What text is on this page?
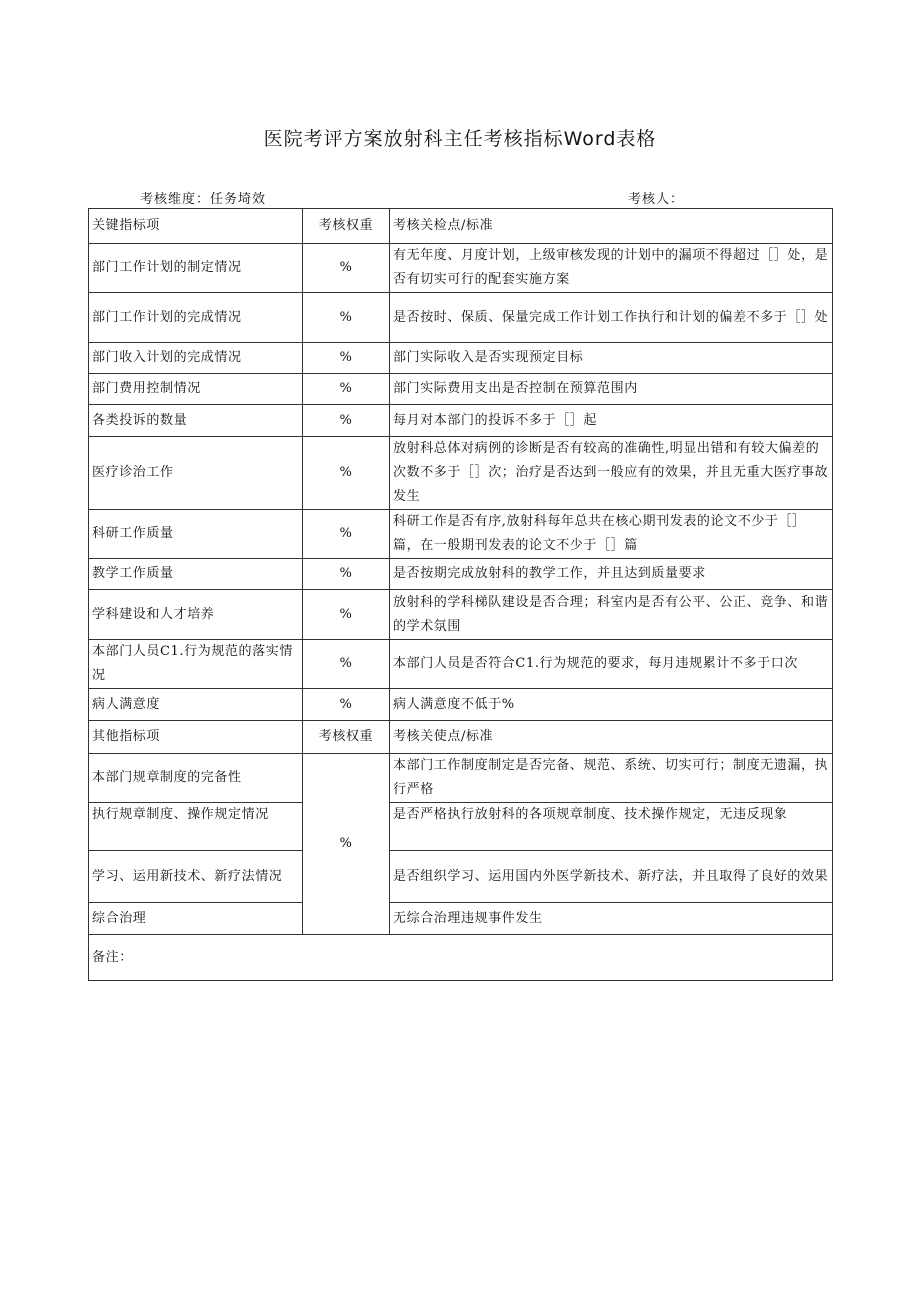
医院考评方案放射科主任考核指标Word表格
考核维度：任务埼效	考核人：
关键指标项	考核权重	考核关检点/标准
部门工作计划的制定情况	%	有无年度、月度计划，上级审核发现的计划中的漏项不得超过［］处，是否有切实可行的配套实施方案
部门工作计划的完成情况	%	是否按时、保质、保量完成工作计划工作执行和计划的偏差不多于［］处
部门收入计划的完成情况	%	部门实际收入是否实现预定目标
部门费用控制情况	%	部门实际费用支出是否控制在预算范围内
各类投诉的数量	%	每月对本部门的投诉不多于［］起
医疗诊治工作	%	放射科总体对病例的诊断是否有较高的准确性,明显出错和有较大偏差的次数不多于［］次；治疗是否达到一般应有的效果，并且无重大医疗事故发生
科研工作质量	%	科研工作是否有序,放射科每年总共在核心期刊发表的论文不少于［］篇，在一般期刊发表的论文不少于［］篇
教学工作质量	%	是否按期完成放射科的教学工作，并且达到质量要求
学科建设和人才培养	%	放射科的学科梯队建设是否合理；科室内是否有公平、公正、竞争、和谐的学术氛围
本部门人员C1.行为规范的落实情况	%	本部门人员是否符合C1.行为规范的要求，每月违规累计不多于口次
病人满意度	%	病人满意度不低于%
其他指标项	考核权重	考核关使点/标准
本部门规章制度的完备性	%	本部门工作制度制定是否完备、规范、系统、切实可行；制度无遗漏，执行严格
执行规章制度、操作规定情况		是否严格执行放射科的各项规章制度、技术操作规定，无违反现象
学习、运用新技术、新疗法情况		是否组织学习、运用国内外医学新技术、新疗法，并且取得了良好的效果
综合治理		无综合治理违规事件发生
备注：		
